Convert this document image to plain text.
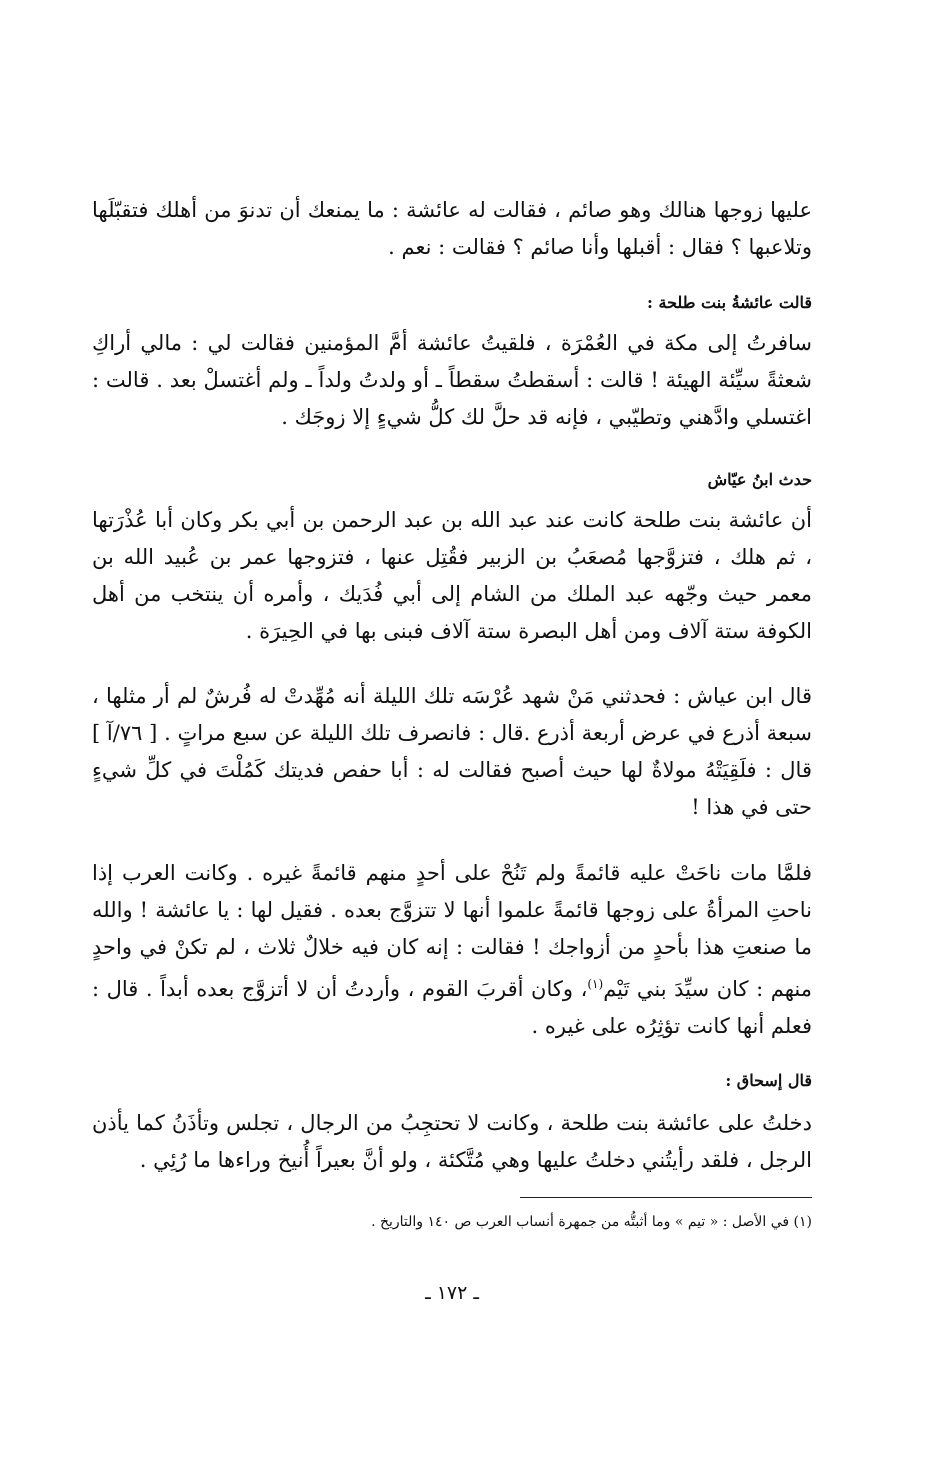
عليها زوجها هنالك وهو صائم ، فقالت له عائشة : ما يمنعك أن تدنوَ من أهلك فتقبّلَها وتلاعبها ؟ فقال : أقبلها وأنا صائم ؟ فقالت : نعم .

قالت عائشةُ بنت طلحة :

سافرتُ إلى مكة في العُمْرَة ، فلقيتُ عائشة أمَّ المؤمنين فقالت لي : مالي أراكِ شعثةً سيِّئة الهيئة ! قالت : أسقطتُ سقطاً ـ أو ولدتُ ولداً ـ ولم أغتسلْ بعد . قالت : اغتسلي وادَّهني وتطيّبي ، فإنه قد حلَّ لك كلُّ شيءٍ إلا زوجَك .

حدث ابنُ عيّاش

أن عائشة بنت طلحة كانت عند عبد الله بن عبد الرحمن بن أبي بكر وكان أبا عُذْرَتها ، ثم هلك ، فتزوَّجها مُصعَبُ بن الزبير فقُتِل عنها ، فتزوجها عمر بن عُبيد الله بن معمر حيث وجّهه عبد الملك من الشام إلى أبي فُدَيك ، وأمره أن ينتخب من أهل الكوفة ستة آلاف ومن أهل البصرة ستة آلاف فبنى بها في الحِيرَة .

قال ابن عياش : فحدثني مَنْ شهد عُرْسَه تلك الليلة أنه مُهِّدتْ له فُرشٌ لم أر مثلها ، سبعة أذرع في عرض أربعة أذرع .قال : فانصرف تلك الليلة عن سبع مراتٍ . [ ٧٦/آ ] قال : فلَقِيَتْهُ مولاةٌ لها حيث أصبح فقالت له : أبا حفص فديتك كَمُلْتَ في كلِّ شيءٍ حتى في هذا !

فلمَّا مات ناحَتْ عليه قائمةً ولم تَنُحْ على أحدٍ منهم قائمةً غيره . وكانت العرب إذا ناحتِ المرأةُ على زوجها قائمةً علموا أنها لا تتزوَّج بعده . فقيل لها : يا عائشة ! والله ما صنعتِ هذا بأحدٍ من أزواجك ! فقالت : إنه كان فيه خلالٌ ثلاث ، لم تكنْ في واحدٍ منهم : كان سيِّدَ بني تَيْم$^{(١)}$، وكان أقربَ القوم ، وأردتُ أن لا أتزوَّج بعده أبداً . قال : فعلم أنها كانت تؤثِرُه على غيره .

قال إسحاق :

دخلتُ على عائشة بنت طلحة ، وكانت لا تحتجِبُ من الرجال ، تجلس وتأذَنُ كما يأذن الرجل ، فلقد رأيتُني دخلتُ عليها وهي مُتَّكئة ، ولو أنَّ بعيراً أُنيخ وراءها ما رُئِي .

(١) في الأصل : « تيم » وما أثبتُّه من جمهرة أنساب العرب ص ١٤٠ والتاريخ .

ـ ١٧٢ ـ
